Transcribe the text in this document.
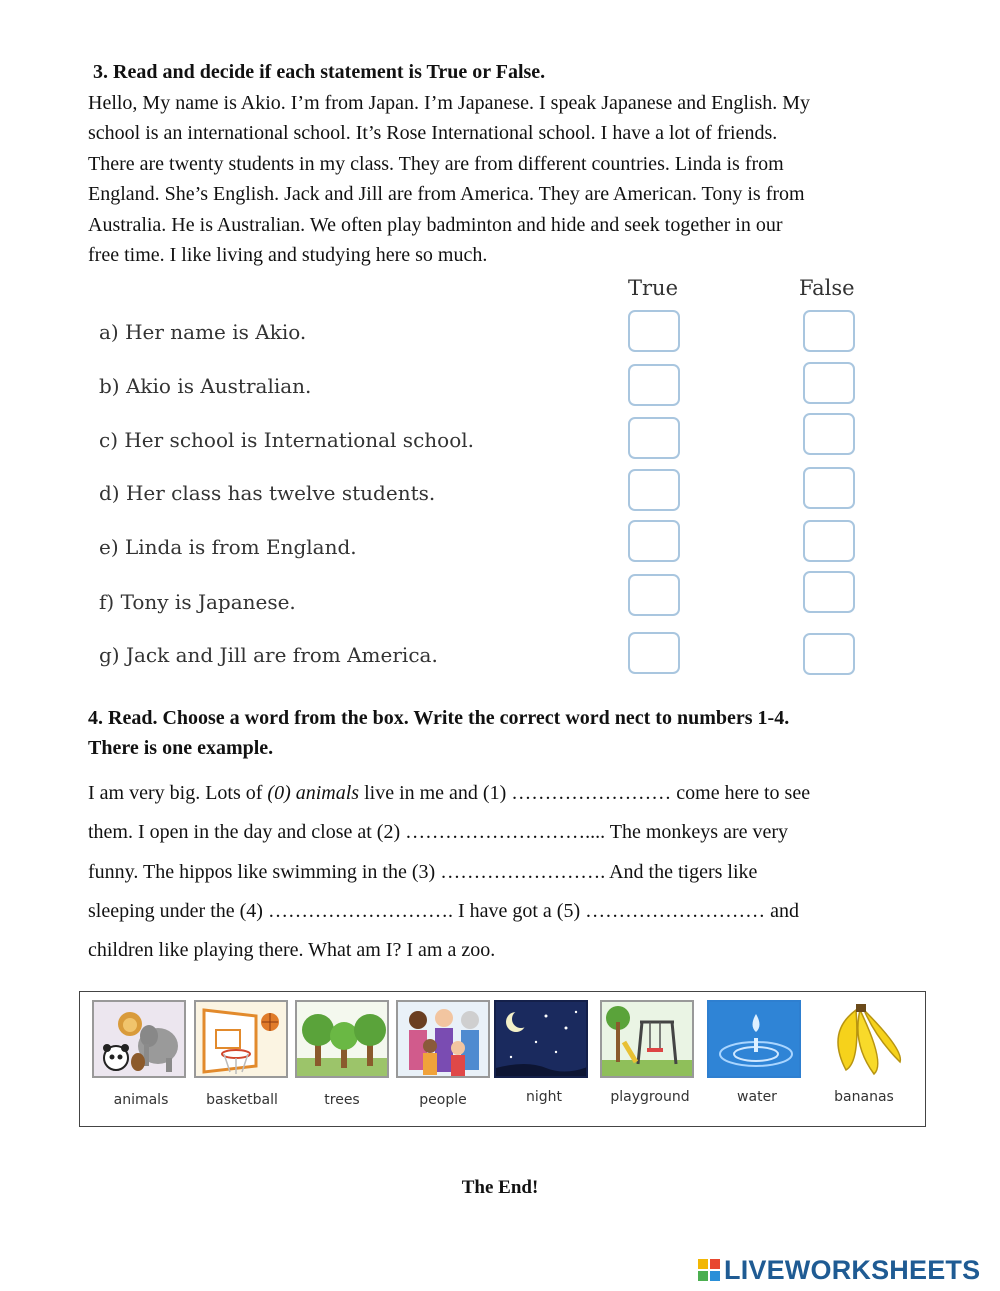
3. Read and decide if each statement is True or False.
Hello, My name is Akio. I’m from Japan. I’m Japanese. I speak Japanese and English. My
school is an international school. It’s Rose International school. I have a lot of friends.
There are twenty students in my class. They are from different countries. Linda is from
England. She’s English. Jack and Jill are from America. They are American. Tony is from
Australia. He is Australian. We often play badminton and hide and seek together in our
free time. I like living and studying here so much.
True	False
a) Her name is Akio.
b) Akio is Australian.
c) Her school is International school.
d) Her class has twelve students.
e) Linda is from England.
f) Tony is Japanese.
g) Jack and Jill are from America.
4. Read. Choose a word from the box. Write the correct word nect to numbers 1-4.
There is one example.
I am very big. Lots of (0) animals live in me and (1) …………………… come here to see
them. I open in the day and close at (2) ……………………….... The monkeys are very
funny. The hippos like swimming in the (3) ……………………. And the tigers like
sleeping under the (4) ………………………. I have got a (5) ……………………… and
children like playing there. What am I? I am a zoo.
animals	basketball	trees	people	night	playground	water	bananas
The End!
LIVEWORKSHEETS
